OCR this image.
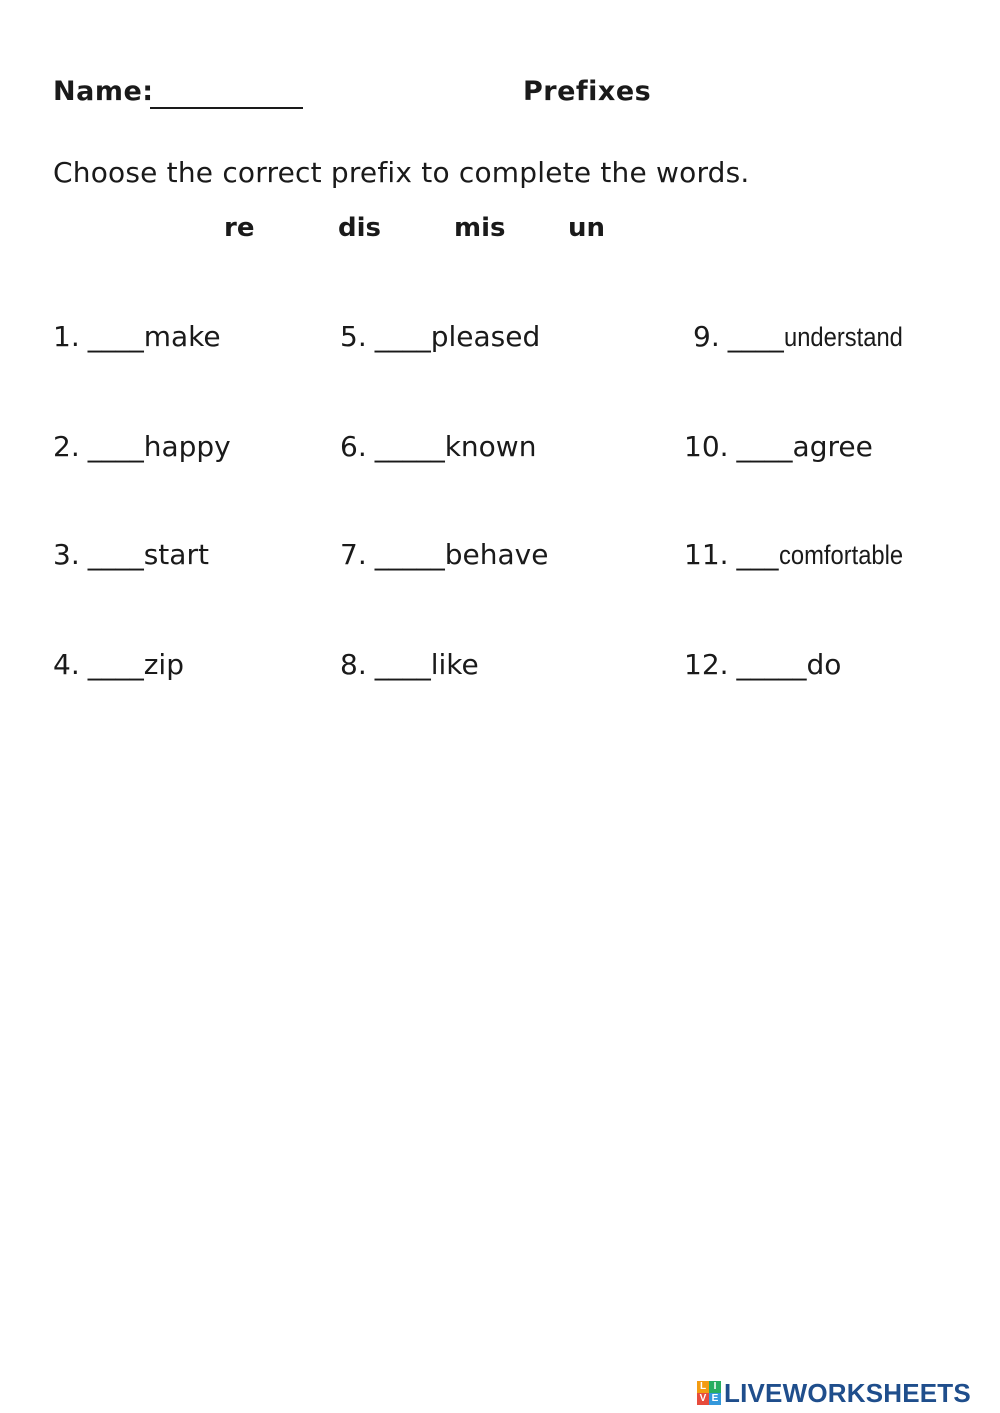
Name:	Prefixes
Choose the correct prefix to complete the words.
re	dis	mis un
1. ____make
2. ____happy
3. ____start
4. ____zip
5. ____pleased
6. _____known
7. _____behave
8. ____like
9. ____understand
10. ____agree
11. ___comfortable
12. _____do
L I
V E LIVEWORKSHEETS
